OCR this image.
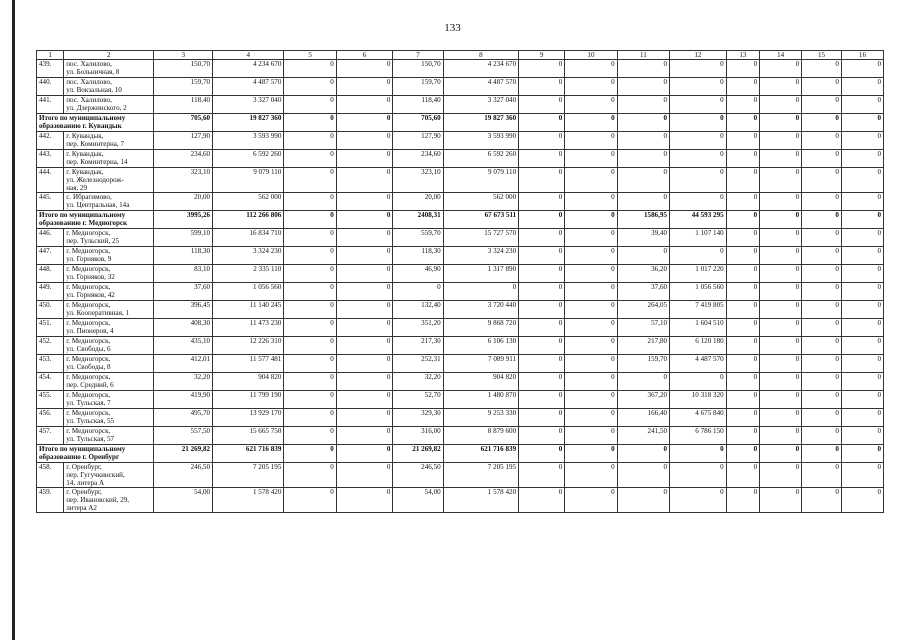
133
1	2	3	4	5	6	7	8	9	10	11	12	13	14	15	16
439.	пос. Халилово,
ул. Больничная, 8	150,70	4 234 670	0	0	150,70	4 234 670	0	0	0	0	0	0	0	0
440.	пос. Халилово,
ул. Вокзальная, 10	159,70	4 487 570	0	0	159,70	4 487 570	0	0	0	0	0	0	0	0
441.	пос. Халилово,
ул. Дзержинского, 2	118,40	3 327 040	0	0	118,40	3 327 040	0	0	0	0	0	0	0	0
Итого по муниципальному
образованию г. Кувандык		705,60	19 827 360	0	0	705,60	19 827 360	0	0	0	0	0	0	0	0
442.	г. Кувандык,
пер. Коминтерна, 7	127,90	3 593 990	0	0	127,90	3 593 990	0	0	0	0	0	0	0	0
443.	г. Кувандык,
пер. Коминтерна, 14	234,60	6 592 260	0	0	234,60	6 592 260	0	0	0	0	0	0	0	0
444.	г. Кувандык,
ул. Железнодорож-
ная, 29	323,10	9 079 110	0	0	323,10	9 079 110	0	0	0	0	0	0	0	0
445.	с. Ибрагимово,
ул. Центральная, 14а	20,00	562 000	0	0	20,00	562 000	0	0	0	0	0	0	0	0
Итого по муниципальному
образованию г. Медногорск		3995,26	112 266 806	0	0	2408,31	67 673 511	0	0	1586,95	44 593 295	0	0	0	0
446.	г. Медногорск,
пер. Тульский, 25	599,10	16 834 710	0	0	559,70	15 727 570	0	0	39,40	1 107 140	0	0	0	0
447.	г. Медногорск,
ул. Горняков, 9	118,30	3 324 230	0	0	118,30	3 324 230	0	0	0	0	0	0	0	0
448.	г. Медногорск,
ул. Горняков, 32	83,10	2 335 110	0	0	46,90	1 317 890	0	0	36,20	1 017 220	0	0	0	0
449.	г. Медногорск,
ул. Горняков, 42	37,60	1 056 560	0	0	0	0	0	0	37,60	1 056 560	0	0	0	0
450.	г. Медногорск,
ул. Кооперативная, 1	396,45	11 140 245	0	0	132,40	3 720 440	0	0	264,05	7 419 805	0	0	0	0
451.	г. Медногорск,
ул. Пионеров, 4	408,30	11 473 230	0	0	351,20	9 868 720	0	0	57,10	1 604 510	0	0	0	0
452.	г. Медногорск,
ул. Свободы, 6	435,10	12 226 310	0	0	217,30	6 106 130	0	0	217,80	6 120 180	0	0	0	0
453.	г. Медногорск,
ул. Свободы, 8	412,01	11 577 481	0	0	252,31	7 089 911	0	0	159,70	4 487 570	0	0	0	0
454.	г. Медногорск,
пер. Средний, 6	32,20	904 820	0	0	32,20	904 820	0	0	0	0	0	0	0	0
455.	г. Медногорск,
ул. Тульская, 7	419,90	11 799 190	0	0	52,70	1 480 870	0	0	367,20	10 318 320	0	0	0	0
456.	г. Медногорск,
ул. Тульская, 55	495,70	13 929 170	0	0	329,30	9 253 330	0	0	166,40	4 675 840	0	0	0	0
457.	г. Медногорск,
ул. Тульская, 57	557,50	15 665 750	0	0	316,00	8 879 600	0	0	241,50	6 786 150	0	0	0	0
Итого по муниципальному
образованию г. Оренбург		21 269,82	621 716 839	0	0	21 269,82	621 716 839	0	0	0	0	0	0	0	0
458.	г. Оренбург,
пер. Гугучкинский,
14, литера А	246,50	7 205 195	0	0	246,50	7 205 195	0	0	0	0	0	0	0	0
459.	г. Оренбург,
пер. Ивановский, 29,
литера А2	54,00	1 578 420	0	0	54,00	1 578 420	0	0	0	0	0	0	0	0
